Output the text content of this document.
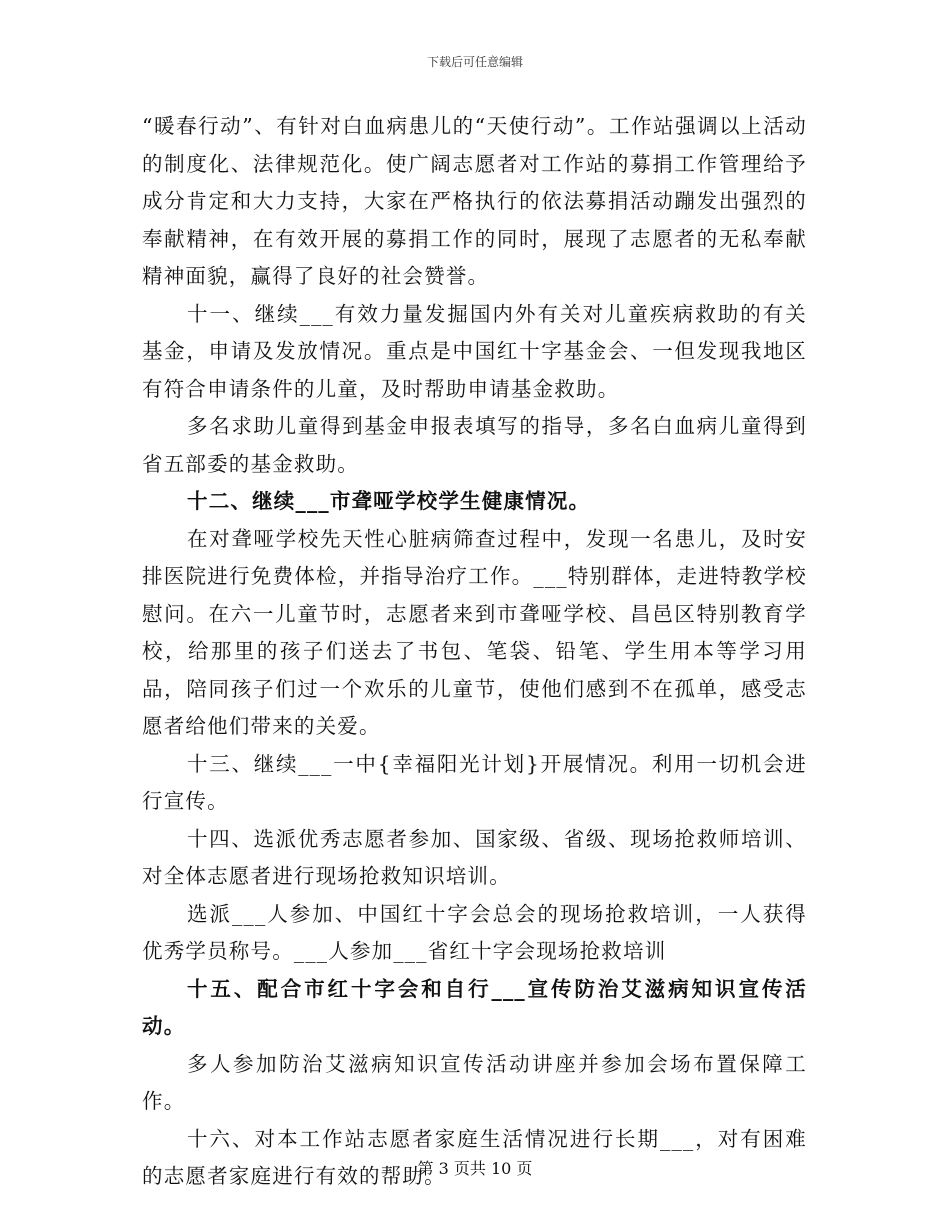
下载后可任意编辑

“暖春行动”、有针对白血病患儿的“天使行动”。工作站强调以上活动的制度化、法律规范化。使广阔志愿者对工作站的募捐工作管理给予成分肯定和大力支持，大家在严格执行的依法募捐活动蹦发出强烈的奉献精神，在有效开展的募捐工作的同时，展现了志愿者的无私奉献精神面貌，赢得了良好的社会赞誉。

十一、继续___有效力量发掘国内外有关对儿童疾病救助的有关基金，申请及发放情况。重点是中国红十字基金会、一但发现我地区有符合申请条件的儿童，及时帮助申请基金救助。

多名求助儿童得到基金申报表填写的指导，多名白血病儿童得到省五部委的基金救助。

十二、继续___市聋哑学校学生健康情况。

在对聋哑学校先天性心脏病筛查过程中，发现一名患儿，及时安排医院进行免费体检，并指导治疗工作。___特别群体，走进特教学校慰问。在六一儿童节时，志愿者来到市聋哑学校、昌邑区特别教育学校，给那里的孩子们送去了书包、笔袋、铅笔、学生用本等学习用品，陪同孩子们过一个欢乐的儿童节，使他们感到不在孤单，感受志愿者给他们带来的关爱。

十三、继续___一中{幸福阳光计划}开展情况。利用一切机会进行宣传。

十四、选派优秀志愿者参加、国家级、省级、现场抢救师培训、对全体志愿者进行现场抢救知识培训。

选派___人参加、中国红十字会总会的现场抢救培训，一人获得优秀学员称号。___人参加___省红十字会现场抢救培训

十五、配合市红十字会和自行___宣传防治艾滋病知识宣传活动。

多人参加防治艾滋病知识宣传活动讲座并参加会场布置保障工作。

十六、对本工作站志愿者家庭生活情况进行长期___，对有困难的志愿者家庭进行有效的帮助。

第 3 页共 10 页
